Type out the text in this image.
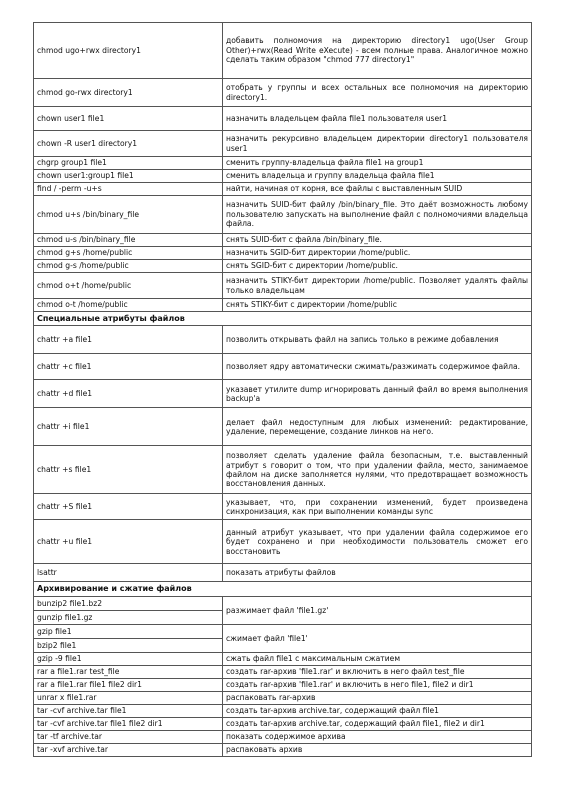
chmod ugo+rwx directory1	добавить полномочия на директорию directory1 ugo(User Group Other)+rwx(Read Write eXecute) - всем полные права. Аналогичное можно сделать таким образом "chmod 777 directory1"
chmod go-rwx directory1	отобрать у группы и всех остальных все полномочия на директорию directory1.
chown user1 file1	назначить владельцем файла file1 пользователя user1
chown -R user1 directory1	назначить рекурсивно владельцем директории directory1 пользователя user1
chgrp group1 file1	сменить группу-владельца файла file1 на group1
chown user1:group1 file1	сменить владельца и группу владельца файла file1
find / -perm -u+s	найти, начиная от корня, все файлы с выставленным SUID
chmod u+s /bin/binary_file	назначить SUID-бит файлу /bin/binary_file. Это даёт возможность любому пользователю запускать на выполнение файл с полномочиями владельца файла.
chmod u-s /bin/binary_file	снять SUID-бит с файла /bin/binary_file.
chmod g+s /home/public	назначить SGID-бит директории /home/public.
chmod g-s /home/public	снять SGID-бит с директории /home/public.
chmod o+t /home/public	назначить STIKY-бит директории /home/public. Позволяет удалять файлы только владельцам
chmod o-t /home/public	снять STIKY-бит с директории /home/public
Специальные атрибуты файлов	
chattr +a file1	позволить открывать файл на запись только в режиме добавления
chattr +c file1	позволяет ядру автоматически сжимать/разжимать содержимое файла.
chattr +d file1	указавет утилите dump игнорировать данный файл во время выполнения backup'а
chattr +i file1	делает файл недоступным для любых изменений: редактирование, удаление, перемещение, создание линков на него.
chattr +s file1	позволяет сделать удаление файла безопасным, т.е. выставленный атрибут s говорит о том, что при удалении файла, место, занимаемое файлом на диске заполняется нулями, что предотвращает возможность восстановления данных.
chattr +S file1	указывает, что, при сохранении изменений, будет произведена синхронизация, как при выполнении команды sync
chattr +u file1	данный атрибут указывает, что при удалении файла содержимое его будет сохранено и при необходимости пользователь сможет его восстановить
lsattr	показать атрибуты файлов
Архивирование и сжатие файлов	
bunzip2 file1.bz2	разжимает файл 'file1.gz'
gunzip file1.gz	
gzip file1	сжимает файл 'file1'
bzip2 file1	
gzip -9 file1	сжать файл file1 с максимальным сжатием
rar a file1.rar test_file	создать rar-архив 'file1.rar' и включить в него файл test_file
rar a file1.rar file1 file2 dir1	создать rar-архив 'file1.rar' и включить в него file1, file2 и dir1
unrar x file1.rar	распаковать rar-архив
tar -cvf archive.tar file1	создать tar-архив archive.tar, содержащий файл file1
tar -cvf archive.tar file1 file2 dir1	создать tar-архив archive.tar, содержащий файл file1, file2 и dir1
tar -tf archive.tar	показать содержимое архива
tar -xvf archive.tar	распаковать архив
